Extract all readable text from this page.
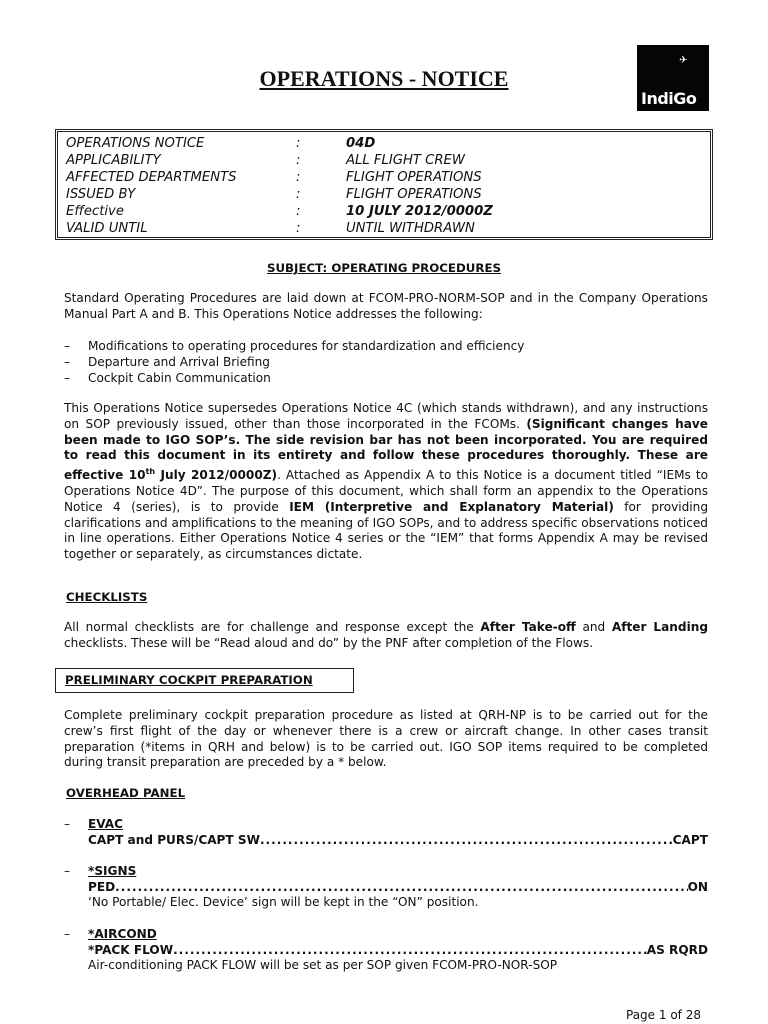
OPERATIONS - NOTICE
✈
IndiGo
OPERATIONS NOTICE	:	04D
APPLICABILITY	:	ALL FLIGHT CREW
AFFECTED DEPARTMENTS	:	FLIGHT OPERATIONS
ISSUED BY	:	FLIGHT OPERATIONS
Effective	:	10 JULY 2012/0000Z
VALID UNTIL	:	UNTIL WITHDRAWN
SUBJECT: OPERATING PROCEDURES
Standard Operating Procedures are laid down at FCOM-PRO-NORM-SOP and in the Company Operations Manual Part A and B. This Operations Notice addresses the following:
– Modifications to operating procedures for standardization and efficiency
– Departure and Arrival Briefing
– Cockpit Cabin Communication
This Operations Notice supersedes Operations Notice 4C (which stands withdrawn), and any instructions on SOP previously issued, other than those incorporated in the FCOMs. (Significant changes have been made to IGO SOP’s. The side revision bar has not been incorporated. You are required to read this document in its entirety and follow these procedures thoroughly. These are effective 10th July 2012/0000Z). Attached as Appendix A to this Notice is a document titled “IEMs to Operations Notice 4D”. The purpose of this document, which shall form an appendix to the Operations Notice 4 (series), is to provide IEM (Interpretive and Explanatory Material) for providing clarifications and amplifications to the meaning of IGO SOPs, and to address specific observations noticed in line operations. Either Operations Notice 4 series or the “IEM” that forms Appendix A may be revised together or separately, as circumstances dictate.
CHECKLISTS
All normal checklists are for challenge and response except the After Take-off and After Landing checklists. These will be “Read aloud and do” by the PNF after completion of the Flows.
PRELIMINARY COCKPIT PREPARATION
Complete preliminary cockpit preparation procedure as listed at QRH-NP is to be carried out for the crew’s first flight of the day or whenever there is a crew or aircraft change. In other cases transit preparation (*items in QRH and below) is to be carried out. IGO SOP items required to be completed during transit preparation are preceded by a * below.
OVERHEAD PANEL
– EVAC
CAPT and PURS/CAPT SW .....	CAPT
– *SIGNS
PED .....	ON
‘No Portable/ Elec. Device’ sign will be kept in the “ON” position.
– *AIRCOND
*PACK FLOW .....	AS RQRD
Air-conditioning PACK FLOW will be set as per SOP given FCOM-PRO-NOR-SOP
Page 1 of 28
